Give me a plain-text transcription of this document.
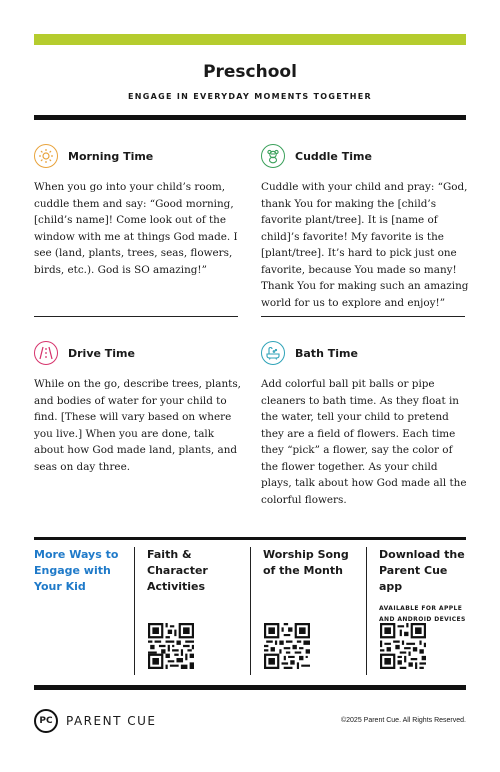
Preschool
ENGAGE IN EVERYDAY MOMENTS TOGETHER
Morning Time

When you go into your child’s room, cuddle them and say: “Good morning, [child’s name]! Come look out of the window with me at things God made. I see (land, plants, trees, seas, flowers, birds, etc.). God is SO amazing!”

Cuddle Time

Cuddle with your child and pray: “God, thank You for making the [child’s favorite plant/tree]. It is [name of child]’s favorite! My favorite is the [plant/tree]. It’s hard to pick just one favorite, because You made so many! Thank You for making such an amazing world for us to explore and enjoy!”

Drive Time

While on the go, describe trees, plants, and bodies of water for your child to find. [These will vary based on where you live.] When you are done, talk about how God made land, plants, and seas on day three.

Bath Time

Add colorful ball pit balls or pipe cleaners to bath time. As they float in the water, tell your child to pretend they are a field of flowers. Each time they “pick” a flower, say the color of the flower together. As your child plays, talk about how God made all the colorful flowers.

More Ways to Engage with Your Kid
Faith & Character Activities
Worship Song of the Month
Download the Parent Cue app
AVAILABLE FOR APPLE AND ANDROID DEVICES
PC	PARENT CUE	©2025 Parent Cue. All Rights Reserved.
